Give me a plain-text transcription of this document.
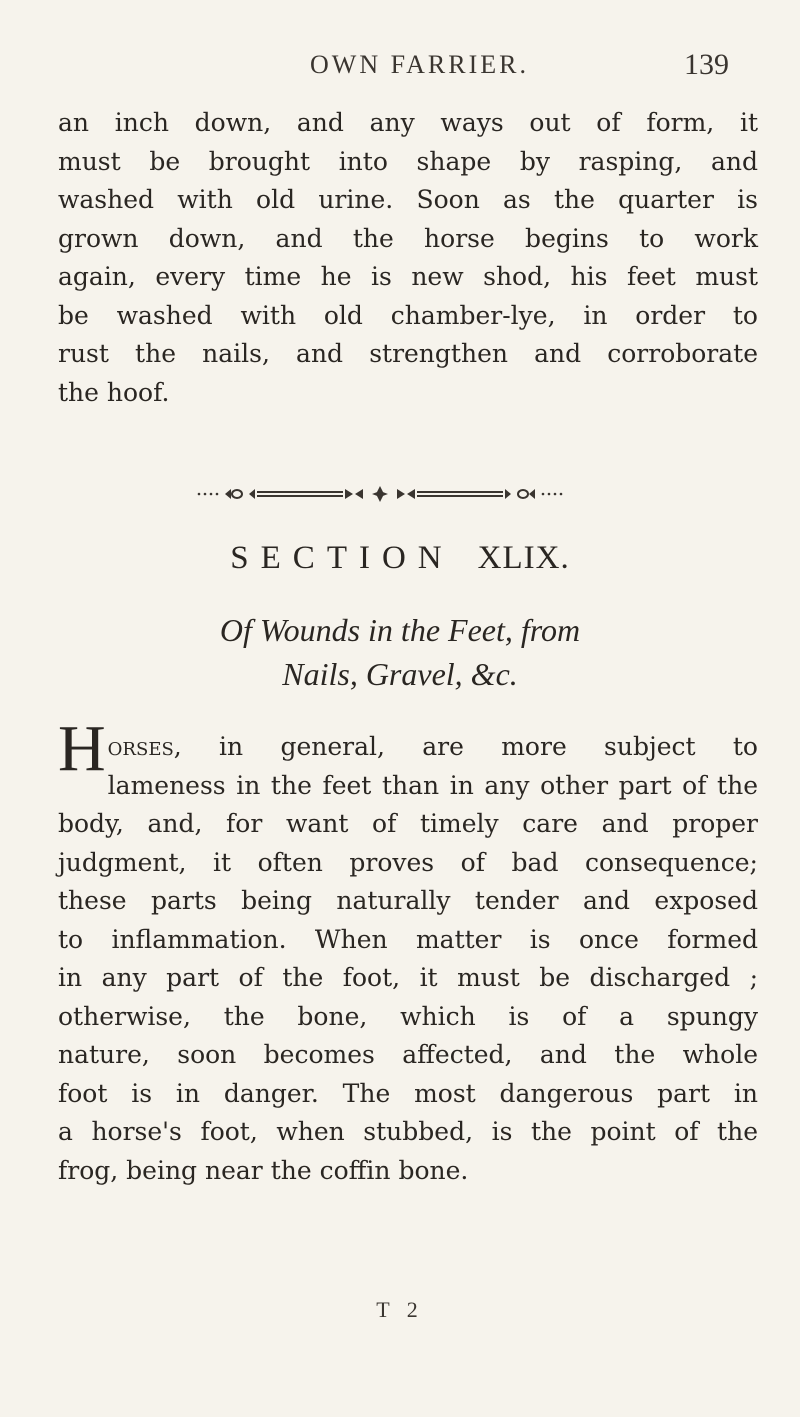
OWN FARRIER.	139
an inch down, and any ways out of form, it
must be brought into shape by rasping, and
washed with old urine. Soon as the quarter is
grown down, and the horse begins to work
again, every time he is new shod, his feet must
be washed with old chamber-lye, in order to
rust the nails, and strengthen and corroborate
the hoof.
SECTION XLIX.
Of Wounds in the Feet, from
Nails, Gravel, &c.
H orses, in general, are more subject to
lameness in the feet than in any other part of the
body, and, for want of timely care and proper
judgment, it often proves of bad consequence;
these parts being naturally tender and exposed
to inflammation. When matter is once formed
in any part of the foot, it must be discharged ;
otherwise, the bone, which is of a spungy
nature, soon becomes affected, and the whole
foot is in danger. The most dangerous part in
a horse's foot, when stubbed, is the point of the
frog, being near the coffin bone.
T 2
